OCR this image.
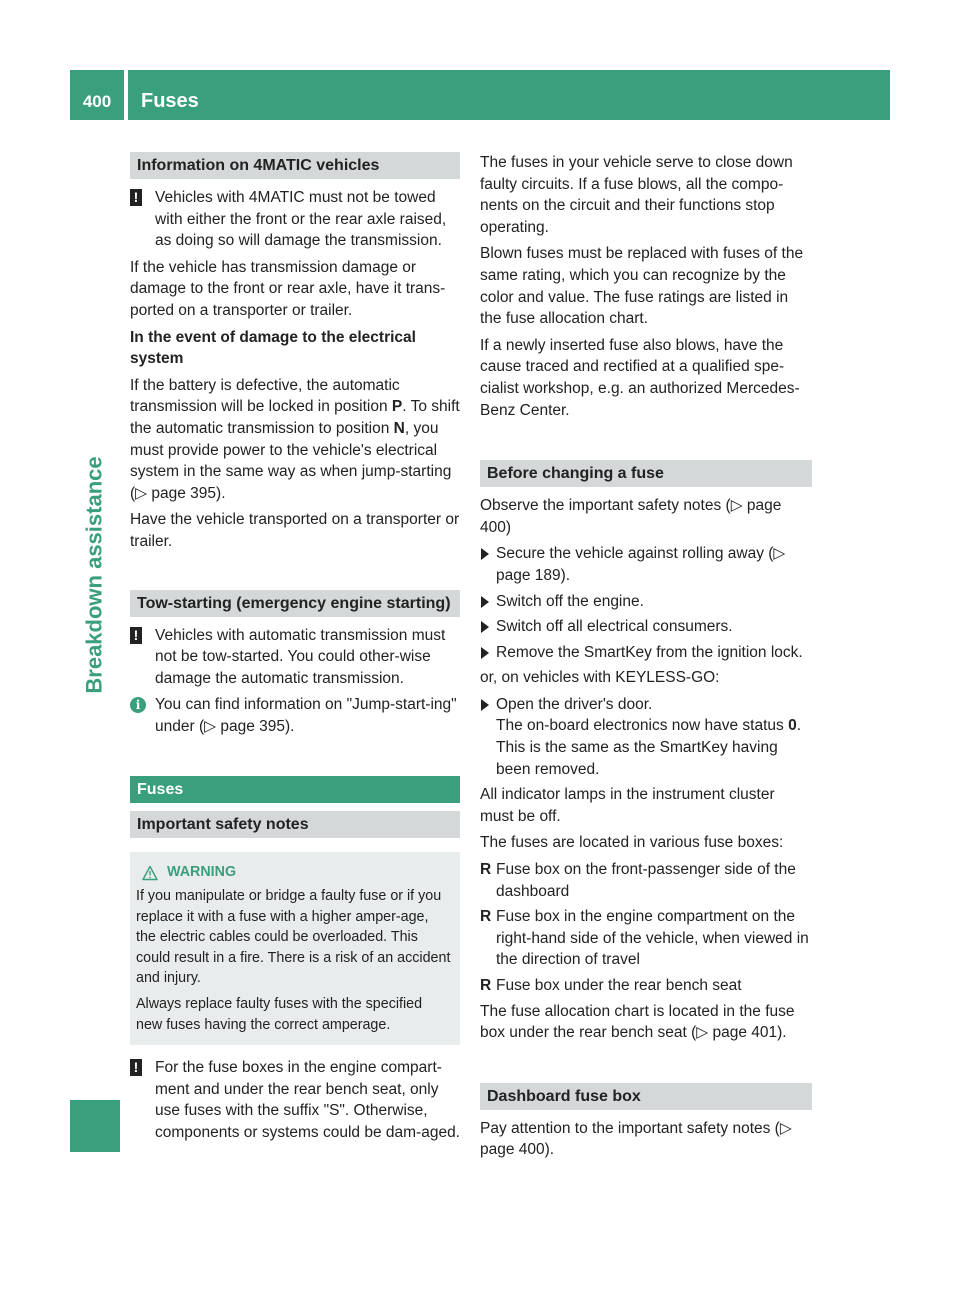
400	Fuses
Breakdown assistance
Information on 4MATIC vehicles
! Vehicles with 4MATIC must not be towed with either the front or the rear axle raised, as doing so will damage the transmission.

If the vehicle has transmission damage or damage to the front or rear axle, have it trans-ported on a transporter or trailer.

In the event of damage to the electrical system

If the battery is defective, the automatic transmission will be locked in position P. To shift the automatic transmission to position N, you must provide power to the vehicle's electrical system in the same way as when jump-starting (▷ page 395).

Have the vehicle transported on a transporter or trailer.

Tow-starting (emergency engine starting)
! Vehicles with automatic transmission must not be tow-started. You could other-wise damage the automatic transmission.
i You can find information on "Jump-start-ing" under (▷ page 395).
Fuses
Important safety notes
WARNING

If you manipulate or bridge a faulty fuse or if you replace it with a fuse with a higher amper-age, the electric cables could be overloaded. This could result in a fire. There is a risk of an accident and injury.

Always replace faulty fuses with the specified new fuses having the correct amperage.

! For the fuse boxes in the engine compart-ment and under the rear bench seat, only use fuses with the suffix "S". Otherwise, components or systems could be dam-aged.

The fuses in your vehicle serve to close down faulty circuits. If a fuse blows, all the compo-nents on the circuit and their functions stop operating.

Blown fuses must be replaced with fuses of the same rating, which you can recognize by the color and value. The fuse ratings are listed in the fuse allocation chart.

If a newly inserted fuse also blows, have the cause traced and rectified at a qualified spe-cialist workshop, e.g. an authorized Mercedes-Benz Center.

Before changing a fuse

Observe the important safety notes (▷ page 400)

Secure the vehicle against rolling away (▷ page 189).
Switch off the engine.
Switch off all electrical consumers.
Remove the SmartKey from the ignition lock.

or, on vehicles with KEYLESS-GO:

Open the driver's door.
The on-board electronics now have status 0. This is the same as the SmartKey having been removed.

All indicator lamps in the instrument cluster must be off.

The fuses are located in various fuse boxes:

R Fuse box on the front-passenger side of the dashboard
R Fuse box in the engine compartment on the right-hand side of the vehicle, when viewed in the direction of travel
R Fuse box under the rear bench seat

The fuse allocation chart is located in the fuse box under the rear bench seat (▷ page 401).

Dashboard fuse box

Pay attention to the important safety notes (▷ page 400).
